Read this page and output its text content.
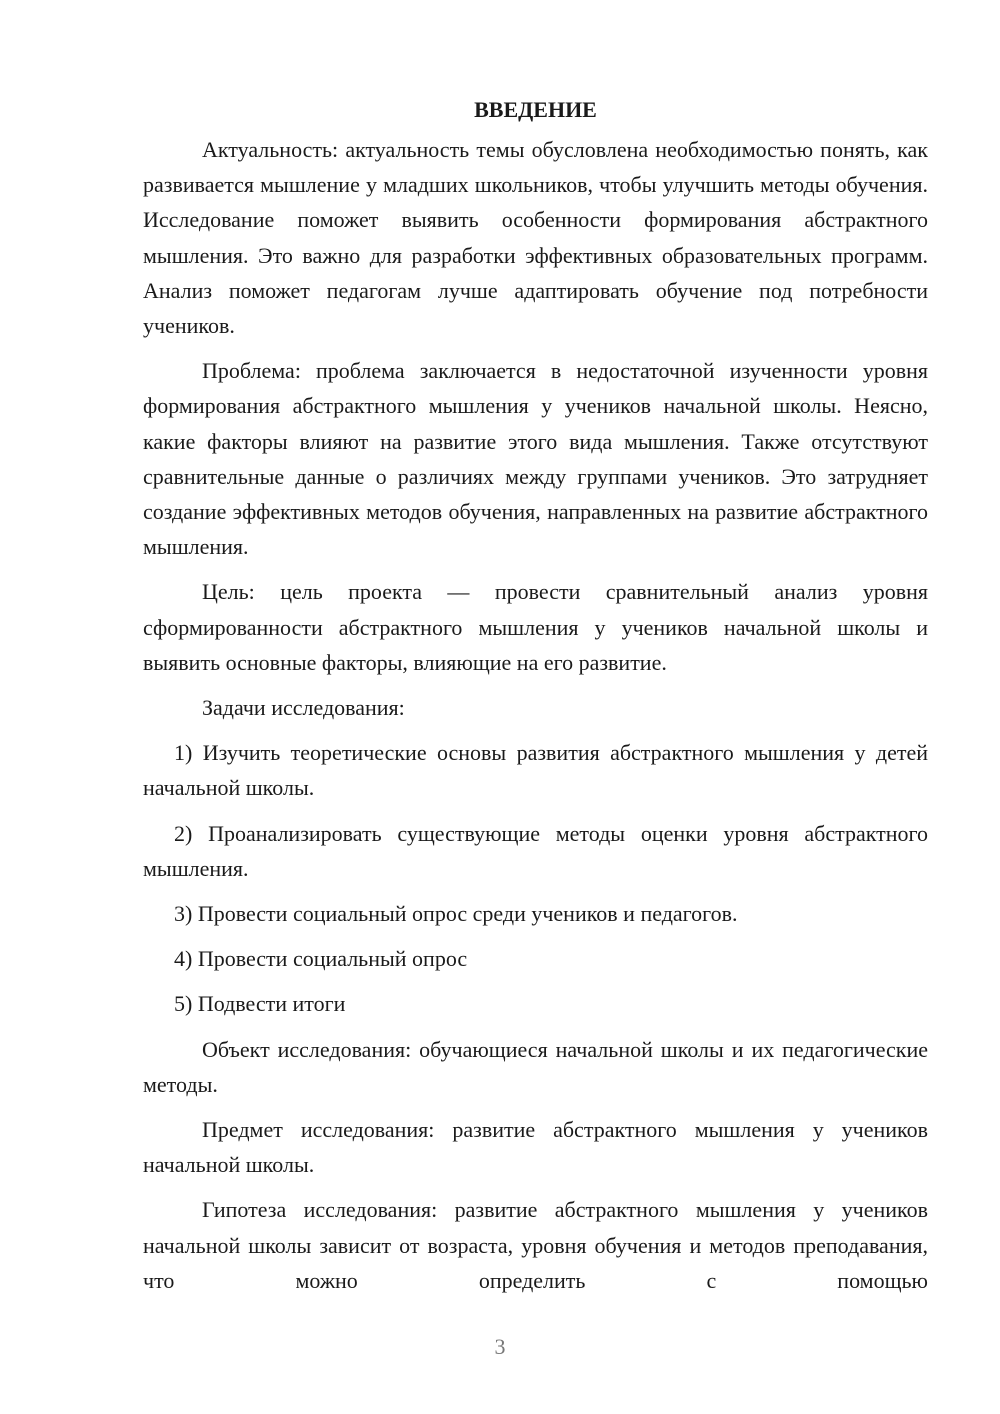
ВВЕДЕНИЕ

Актуальность: актуальность темы обусловлена необходимостью понять, как развивается мышление у младших школьников, чтобы улучшить методы обучения. Исследование поможет выявить особенности формирования абстрактного мышления. Это важно для разработки эффективных образовательных программ. Анализ поможет педагогам лучше адаптировать обучение под потребности учеников.

Проблема: проблема заключается в недостаточной изученности уровня формирования абстрактного мышления у учеников начальной школы. Неясно, какие факторы влияют на развитие этого вида мышления. Также отсутствуют сравнительные данные о различиях между группами учеников. Это затрудняет создание эффективных методов обучения, направленных на развитие абстрактного мышления.

Цель: цель проекта — провести сравнительный анализ уровня сформированности абстрактного мышления у учеников начальной школы и выявить основные факторы, влияющие на его развитие.

Задачи исследования:

1) Изучить теоретические основы развития абстрактного мышления у детей начальной школы.

2) Проанализировать существующие методы оценки уровня абстрактного мышления.

3) Провести социальный опрос среди учеников и педагогов.

4) Провести социальный опрос

5) Подвести итоги

Объект исследования: обучающиеся начальной школы и их педагогические методы.

Предмет исследования: развитие абстрактного мышления у учеников начальной школы.

Гипотеза исследования: развитие абстрактного мышления у учеников начальной школы зависит от возраста, уровня обучения и методов преподавания, что можно определить с помощью

3
